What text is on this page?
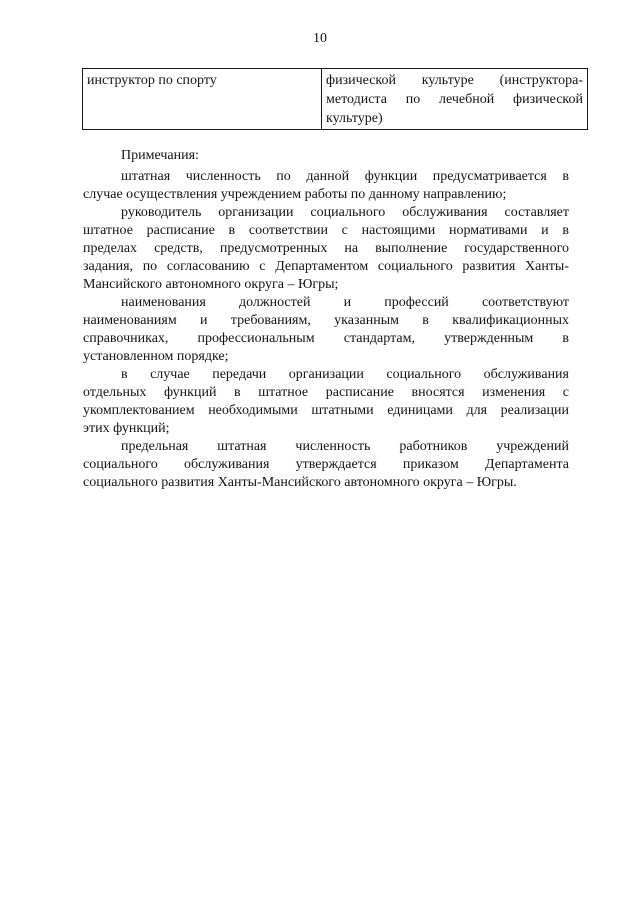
10
инструктор по спорту	физической культуре (инструктора-
методиста по лечебной физической
культуре)

Примечания:

штатная численность по данной функции предусматривается в
случае осуществления учреждением работы по данному направлению;
руководитель организации социального обслуживания составляет
штатное расписание в соответствии с настоящими нормативами и в
пределах средств, предусмотренных на выполнение государственного
задания, по согласованию с Департаментом социального развития Ханты-
Мансийского автономного округа – Югры;
наименования должностей и профессий соответствуют
наименованиям и требованиям, указанным в квалификационных
справочниках, профессиональным стандартам, утвержденным в
установленном порядке;
в случае передачи организации социального обслуживания
отдельных функций в штатное расписание вносятся изменения с
укомплектованием необходимыми штатными единицами для реализации
этих функций;
предельная штатная численность работников учреждений
социального обслуживания утверждается приказом Департамента
социального развития Ханты-Мансийского автономного округа – Югры.
